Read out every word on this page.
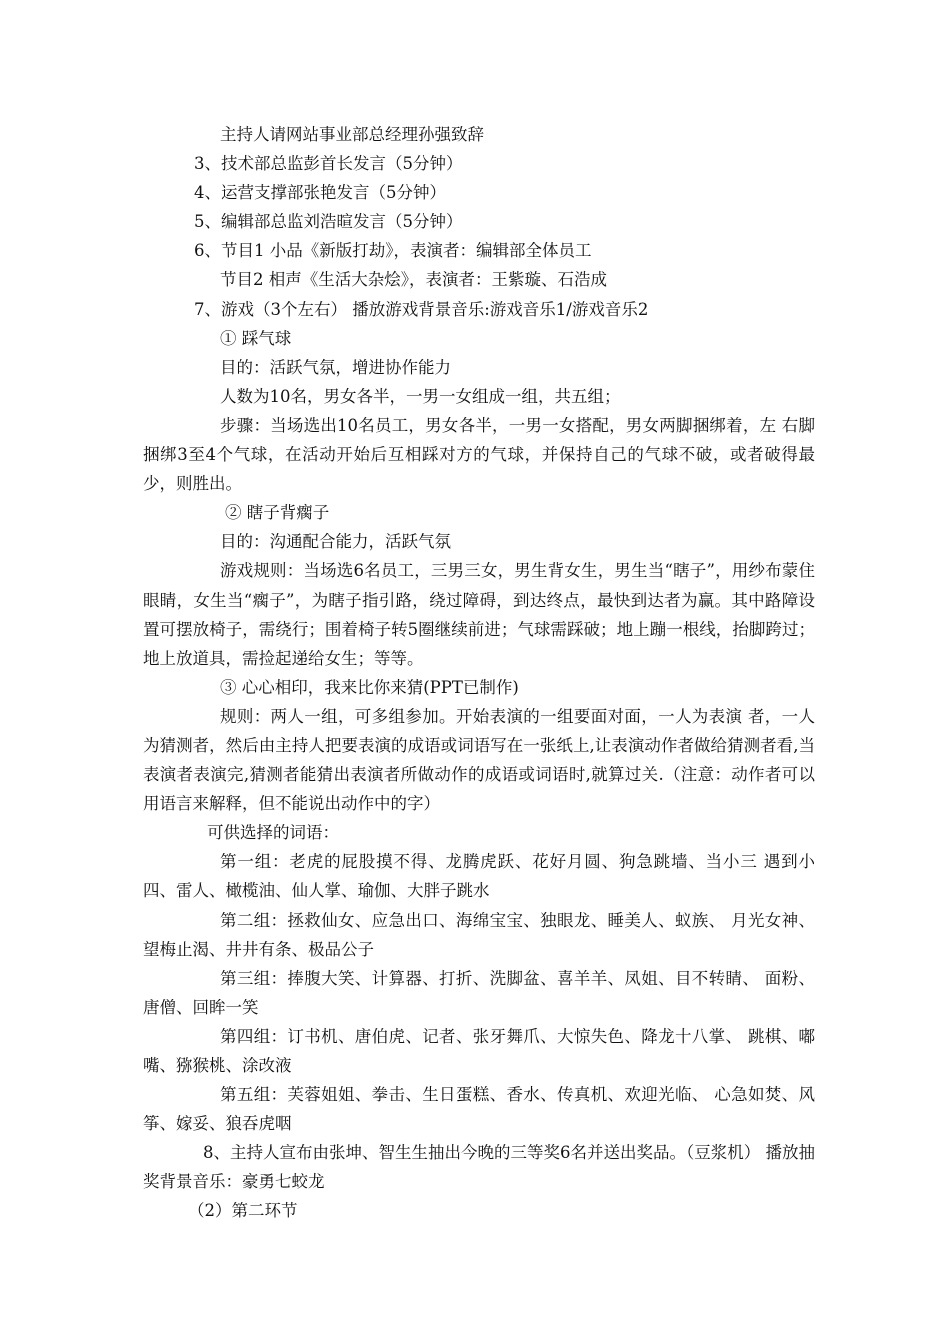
主持人请网站事业部总经理孙强致辞

3、技术部总监彭首长发言（5分钟）

4、运营支撑部张艳发言（5分钟）

5、编辑部总监刘浩暄发言（5分钟）

6、节目1 小品《新版打劫》，表演者：编辑部全体员工

节目2 相声《生活大杂烩》，表演者：王紫璇、石浩成

7、游戏（3个左右） 播放游戏背景音乐:游戏音乐1/游戏音乐2

① 踩气球

目的：活跃气氛，增进协作能力

人数为10名，男女各半，一男一女组成一组，共五组；

步骤：当场选出10名员工，男女各半，一男一女搭配，男女两脚捆绑着，左 右脚捆绑3至4个气球，在活动开始后互相踩对方的气球，并保持自己的气球不破，或者破得最少，则胜出。

② 瞎子背瘸子

目的：沟通配合能力，活跃气氛

游戏规则：当场选6名员工，三男三女，男生背女生，男生当“瞎子”，用纱布蒙住眼睛，女生当“瘸子”，为瞎子指引路，绕过障碍，到达终点，最快到达者为赢。其中路障设置可摆放椅子，需绕行；围着椅子转5圈继续前进；气球需踩破；地上蹦一根线，抬脚跨过；地上放道具，需捡起递给女生；等等。

③ 心心相印，我来比你来猜(PPT已制作)

规则：两人一组，可多组参加。开始表演的一组要面对面，一人为表演 者，一人为猜测者，然后由主持人把要表演的成语或词语写在一张纸上,让表演动作者做给猜测者看,当表演者表演完,猜测者能猜出表演者所做动作的成语或词语时,就算过关.（注意：动作者可以用语言来解释，但不能说出动作中的字）

可供选择的词语：

第一组：老虎的屁股摸不得、龙腾虎跃、花好月圆、狗急跳墙、当小三 遇到小四、雷人、橄榄油、仙人掌、瑜伽、大胖子跳水

第二组：拯救仙女、应急出口、海绵宝宝、独眼龙、睡美人、蚁族、 月光女神、望梅止渴、井井有条、极品公子

第三组：捧腹大笑、计算器、打折、洗脚盆、喜羊羊、凤姐、目不转睛、 面粉、唐僧、回眸一笑

第四组：订书机、唐伯虎、记者、张牙舞爪、大惊失色、降龙十八掌、 跳棋、嘟嘴、猕猴桃、涂改液

第五组：芙蓉姐姐、拳击、生日蛋糕、香水、传真机、欢迎光临、 心急如焚、风筝、嫁妥、狼吞虎咽

8、主持人宣布由张坤、智生生抽出今晚的三等奖6名并送出奖品。（豆浆机） 播放抽奖背景音乐：豪勇七蛟龙

（2）第二环节
